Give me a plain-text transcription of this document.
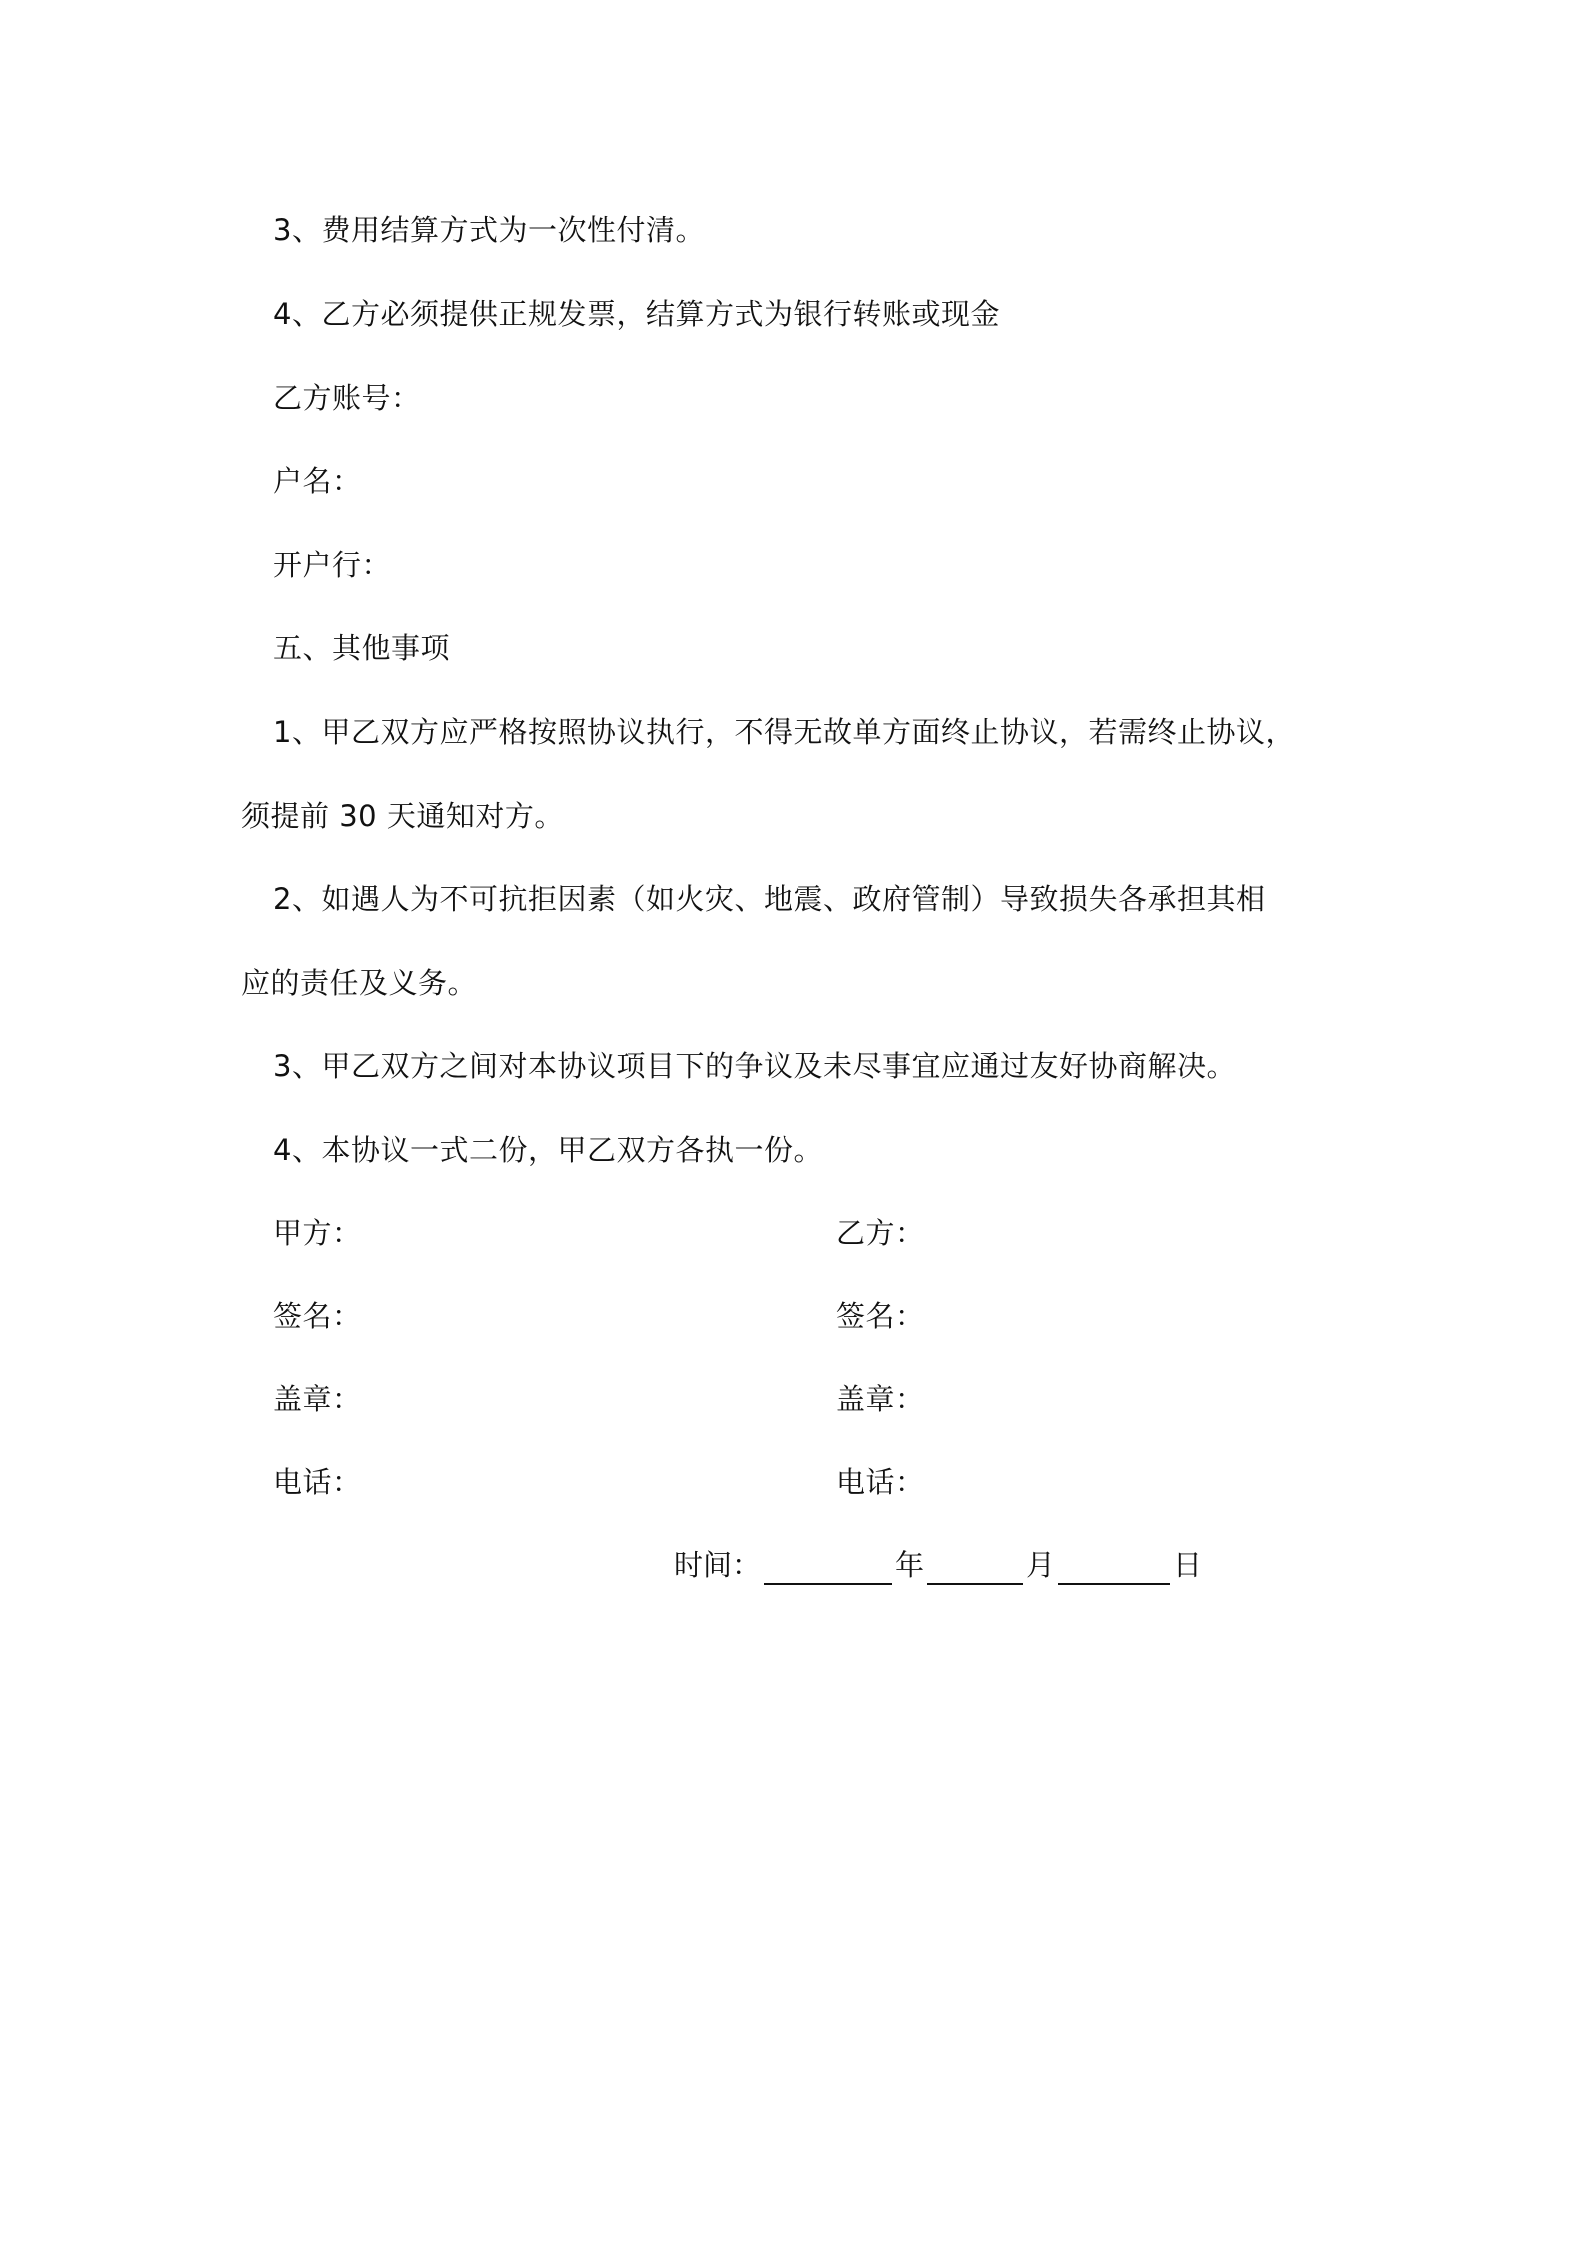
3、费用结算方式为一次性付清。
4、乙方必须提供正规发票，结算方式为银行转账或现金
乙方账号：
户名：
开户行：
五、其他事项
1、甲乙双方应严格按照协议执行，不得无故单方面终止协议，若需终止协议，
须提前 30 天通知对方。
2、如遇人为不可抗拒因素（如火灾、地震、政府管制）导致损失各承担其相
应的责任及义务。
3、甲乙双方之间对本协议项目下的争议及未尽事宜应通过友好协商解决。
4、本协议一式二份，甲乙双方各执一份。
甲方：	乙方：
签名：	签名：
盖章：	盖章：
电话：	电话：
时间：	年	月	日
